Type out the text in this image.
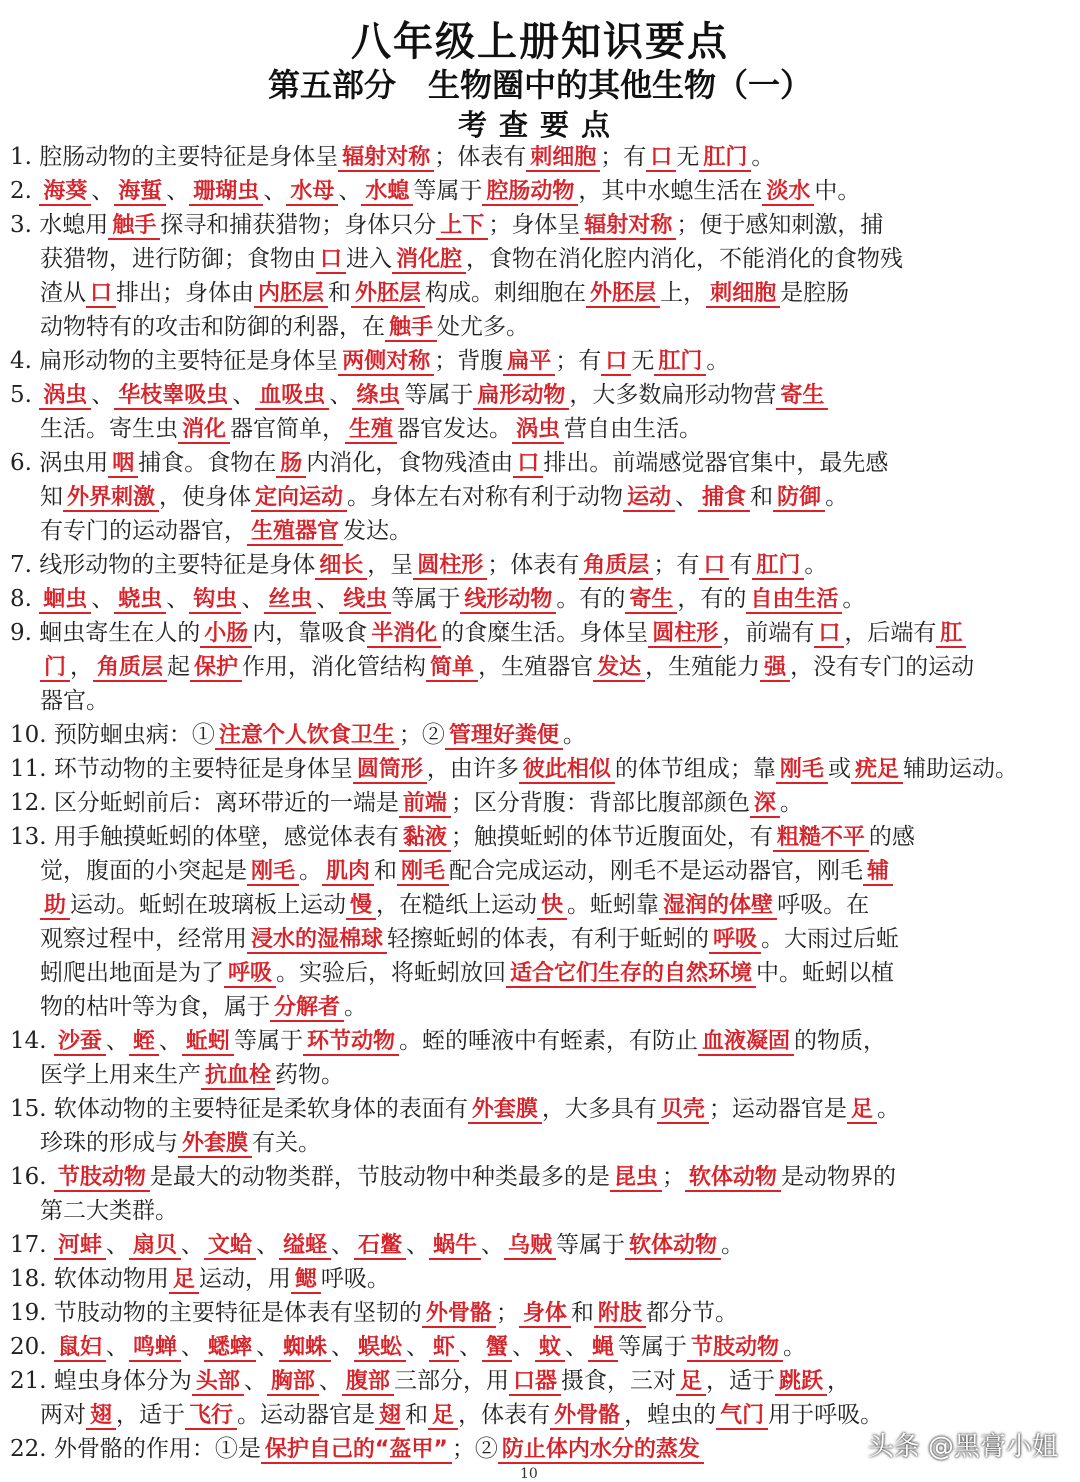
八年级上册知识要点
第五部分　生物圈中的其他生物（一）
考查要点
1. 腔肠动物的主要特征是身体呈 辐射对称 ；体表有 刺细胞 ；有 口 无 肛门 。
2. 海葵 、 海蜇 、 珊瑚虫 、 水母 、 水螅 等属于 腔肠动物 ，其中水螅生活在 淡水 中。
3. 水螅用 触手 探寻和捕获猎物；身体只分 上下 ；身体呈 辐射对称 ；便于感知刺激，捕
获猎物，进行防御；食物由 口 进入 消化腔 ，食物在消化腔内消化，不能消化的食物残
渣从 口 排出；身体由 内胚层 和 外胚层 构成。刺细胞在 外胚层 上， 刺细胞 是腔肠
动物特有的攻击和防御的利器，在 触手 处尤多。
4. 扁形动物的主要特征是身体呈 两侧对称 ；背腹 扁平 ；有 口 无 肛门 。
5. 涡虫 、 华枝睾吸虫 、 血吸虫 、 绦虫 等属于 扁形动物 ，大多数扁形动物营 寄生
生活。寄生虫 消化 器官简单， 生殖 器官发达。 涡虫 营自由生活。
6. 涡虫用 咽 捕食。食物在 肠 内消化，食物残渣由 口 排出。前端感觉器官集中，最先感
知 外界刺激 ，使身体 定向运动 。身体左右对称有利于动物 运动 、 捕食 和 防御 。
有专门的运动器官， 生殖器官 发达。
7. 线形动物的主要特征是身体 细长 ，呈 圆柱形 ；体表有 角质层 ；有 口 有 肛门 。
8. 蛔虫 、 蛲虫 、 钩虫 、 丝虫 、 线虫 等属于 线形动物 。有的 寄生 ，有的 自由生活 。
9. 蛔虫寄生在人的 小肠 内，靠吸食 半消化 的食糜生活。身体呈 圆柱形 ，前端有 口 ，后端有 肛
门 ， 角质层 起 保护 作用，消化管结构 简单 ，生殖器官 发达 ，生殖能力 强 ，没有专门的运动
器官。
10. 预防蛔虫病：① 注意个人饮食卫生 ；② 管理好粪便 。
11. 环节动物的主要特征是身体呈 圆筒形 ，由许多 彼此相似 的体节组成；靠 刚毛 或 疣足 辅助运动。
12. 区分蚯蚓前后：离环带近的一端是 前端 ；区分背腹：背部比腹部颜色 深 。
13. 用手触摸蚯蚓的体壁，感觉体表有 黏液 ；触摸蚯蚓的体节近腹面处，有 粗糙不平 的感
觉，腹面的小突起是 刚毛 。 肌肉 和 刚毛 配合完成运动，刚毛不是运动器官，刚毛 辅
助 运动。蚯蚓在玻璃板上运动 慢 ，在糙纸上运动 快 。蚯蚓靠 湿润的体壁 呼吸。在
观察过程中，经常用 浸水的湿棉球 轻擦蚯蚓的体表，有利于蚯蚓的 呼吸 。大雨过后蚯
蚓爬出地面是为了 呼吸 。实验后，将蚯蚓放回 适合它们生存的自然环境 中。蚯蚓以植
物的枯叶等为食，属于 分解者 。
14. 沙蚕 、 蛭 、 蚯蚓 等属于 环节动物 。蛭的唾液中有蛭素，有防止 血液凝固 的物质，
医学上用来生产 抗血栓 药物。
15. 软体动物的主要特征是柔软身体的表面有 外套膜 ，大多具有 贝壳 ；运动器官是 足 。
珍珠的形成与 外套膜 有关。
16. 节肢动物 是最大的动物类群，节肢动物中种类最多的是 昆虫 ； 软体动物 是动物界的
第二大类群。
17. 河蚌 、 扇贝 、 文蛤 、 缢蛏 、 石鳖 、 蜗牛 、 乌贼 等属于 软体动物 。
18. 软体动物用 足 运动，用 鳃 呼吸。
19. 节肢动物的主要特征是体表有坚韧的 外骨骼 ； 身体 和 附肢 都分节。
20. 鼠妇 、 鸣蝉 、 蟋蟀 、 蜘蛛 、 蜈蚣 、 虾 、 蟹 、 蚊 、 蝇 等属于 节肢动物 。
21. 蝗虫身体分为 头部 、 胸部 、 腹部 三部分，用 口器 摄食，三对 足 ，适于 跳跃 ，
两对 翅 ，适于 飞行 。运动器官是 翅 和 足 ，体表有 外骨骼 ，蝗虫的 气门 用于呼吸。
22. 外骨骼的作用：①是 保护自己的“盔甲” ；② 防止体内水分的蒸发
10
头条 @黑膏小姐
